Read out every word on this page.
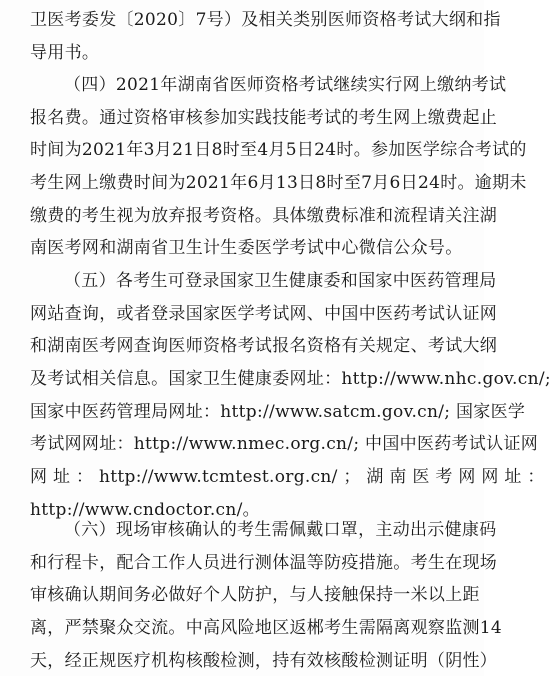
卫医考委发〔2020〕7号）及相关类别医师资格考试大纲和指
导用书。
（四）2021年湖南省医师资格考试继续实行网上缴纳考试
报名费。通过资格审核参加实践技能考试的考生网上缴费起止
时间为2021年3月21日8时至4月5日24时。参加医学综合考试的
考生网上缴费时间为2021年6月13日8时至7月6日24时。逾期未
缴费的考生视为放弃报考资格。具体缴费标准和流程请关注湖
南医考网和湖南省卫生计生委医学考试中心微信公众号。
（五）各考生可登录国家卫生健康委和国家中医药管理局
网站查询，或者登录国家医学考试网、中国中医药考试认证网
和湖南医考网查询医师资格考试报名资格有关规定、考试大纲
及考试相关信息。国家卫生健康委网址：http://www.nhc.gov.cn/;
国家中医药管理局网址：http://www.satcm.gov.cn/; 国家医学
考试网网址：http://www.nmec.org.cn/; 中国中医药考试认证网
网 址 ： http://www.tcmtest.org.cn/ ； 湖 南 医 考 网 网 址 ：
http://www.cndoctor.cn/。
（六）现场审核确认的考生需佩戴口罩，主动出示健康码
和行程卡，配合工作人员进行测体温等防疫措施。考生在现场
审核确认期间务必做好个人防护，与人接触保持一米以上距
离，严禁聚众交流。中高风险地区返郴考生需隔离观察监测14
天，经正规医疗机构核酸检测，持有效核酸检测证明（阴性）
